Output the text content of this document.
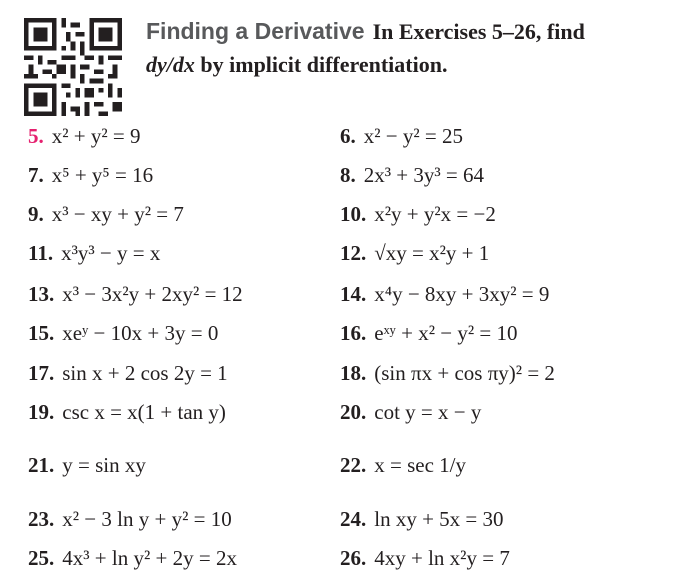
Finding a Derivative In Exercises 5–26, find
dy/dx by implicit differentiation.
5. x² + y² = 9
7. x⁵ + y⁵ = 16
9. x³ − xy + y² = 7
11. x³y³ − y = x
13. x³ − 3x²y + 2xy² = 12
15. xeʸ − 10x + 3y = 0
17. sin x + 2 cos 2y = 1
19. csc x = x(1 + tan y)
21. y = sin xy
23. x² − 3 ln y + y² = 10
25. 4x³ + ln y² + 2y = 2x
6. x² − y² = 25
8. 2x³ + 3y³ = 64
10. x²y + y²x = −2
12. √xy = x²y + 1
14. x⁴y − 8xy + 3xy² = 9
16. eˣʸ + x² − y² = 10
18. (sin πx + cos πy)² = 2
20. cot y = x − y
22. x = sec 1/y
24. ln xy + 5x = 30
26. 4xy + ln x²y = 7
